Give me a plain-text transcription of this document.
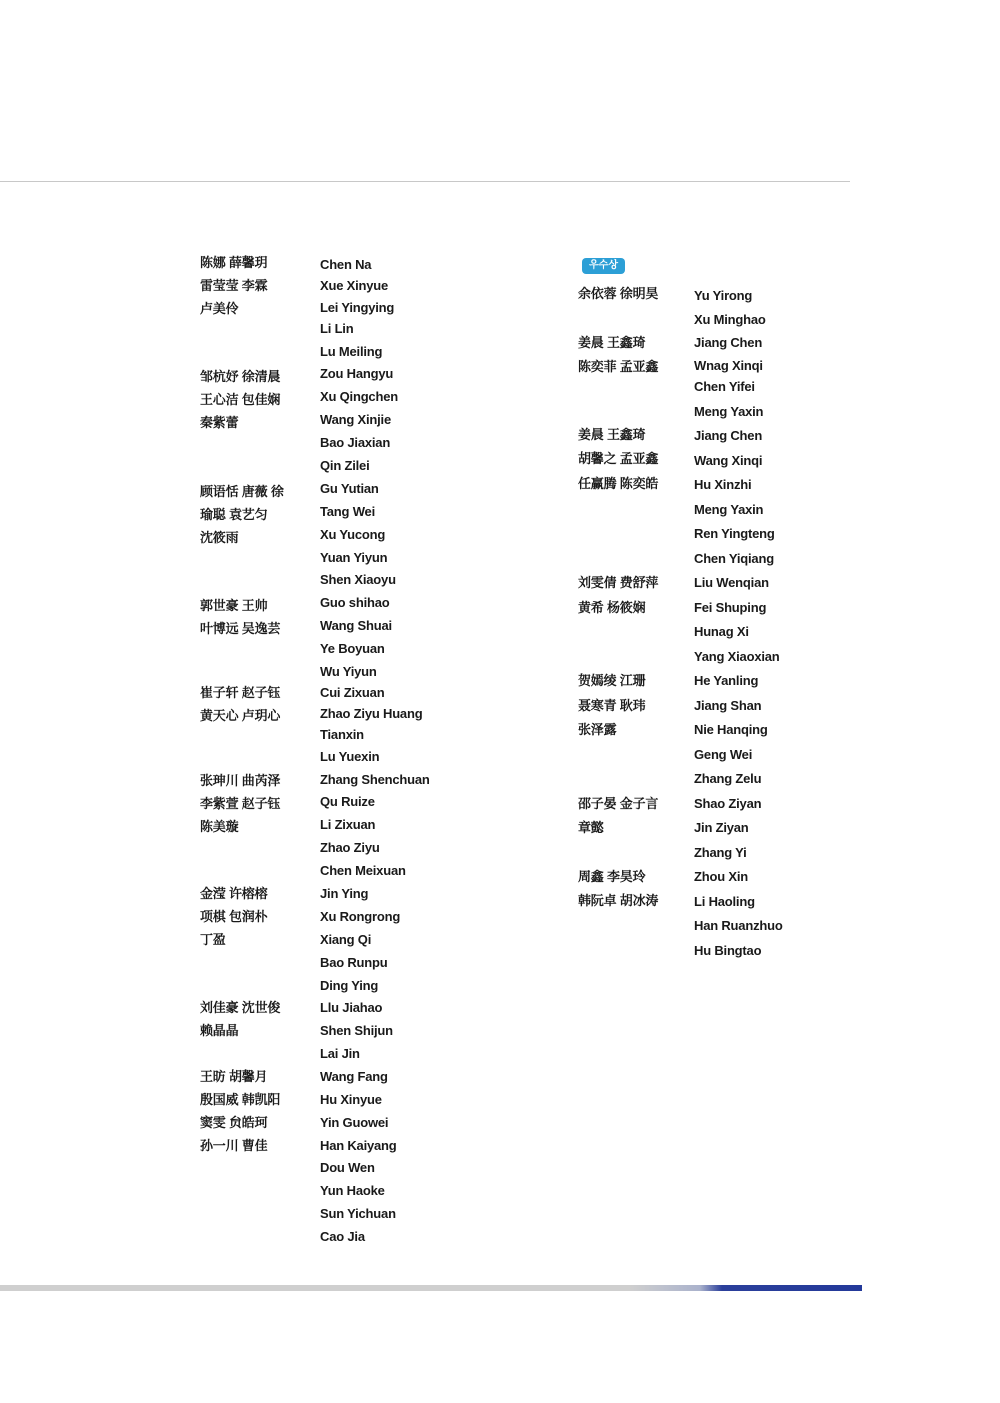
우수상
陈娜 薛馨玥
雷莹莹 李霖
卢美伶
邹杭妤 徐清晨
王心洁 包佳娴
秦紫蕾
顾语恬 唐薇 徐
瑜聪 袁艺匀
沈筱雨
郭世豪 王帅
叶博远 吴逸芸
崔子轩 赵子钰
黄天心 卢玥心
张珅川 曲芮泽
李紫萱 赵子钰
陈美璇
金滢 许榕榕
项棋 包润朴
丁盈
刘佳豪 沈世俊
赖晶晶
王昉 胡馨月
殷国威 韩凯阳
窦雯 贠皓珂
孙一川 曹佳
Chen Na
Xue Xinyue
Lei Yingying
Li Lin
Lu Meiling
Zou Hangyu
Xu Qingchen
Wang Xinjie
Bao Jiaxian
Qin Zilei
Gu Yutian
Tang Wei
Xu Yucong
Yuan Yiyun
Shen Xiaoyu
Guo shihao
Wang Shuai
Ye Boyuan
Wu Yiyun
Cui Zixuan
Zhao Ziyu Huang
Tianxin
Lu Yuexin
Zhang Shenchuan
Qu Ruize
Li Zixuan
Zhao Ziyu
Chen Meixuan
Jin Ying
Xu Rongrong
Xiang Qi
Bao Runpu
Ding Ying
Llu Jiahao
Shen Shijun
Lai Jin
Wang Fang
Hu Xinyue
Yin Guowei
Han Kaiyang
Dou Wen
Yun Haoke
Sun Yichuan
Cao Jia
余依蓉 徐明昊
姜晨 王鑫琦
陈奕菲 孟亚鑫
姜晨 王鑫琦
胡馨之 孟亚鑫
任赢腾 陈奕皓
刘雯倩 费舒萍
黄希 杨筱娴
贺嫣绫 江珊
聂寒青 耿玮
张泽露
邵子晏 金子言
章懿
周鑫 李昊玲
韩阮卓 胡冰涛
Yu Yirong
Xu Minghao
Jiang Chen
Wnag Xinqi
Chen Yifei
Meng Yaxin
Jiang Chen
Wang Xinqi
Hu Xinzhi
Meng Yaxin
Ren Yingteng
Chen Yiqiang
Liu Wenqian
Fei Shuping
Hunag Xi
Yang Xiaoxian
He Yanling
Jiang Shan
Nie Hanqing
Geng Wei
Zhang Zelu
Shao Ziyan
Jin Ziyan
Zhang Yi
Zhou Xin
Li Haoling
Han Ruanzhuo
Hu Bingtao
